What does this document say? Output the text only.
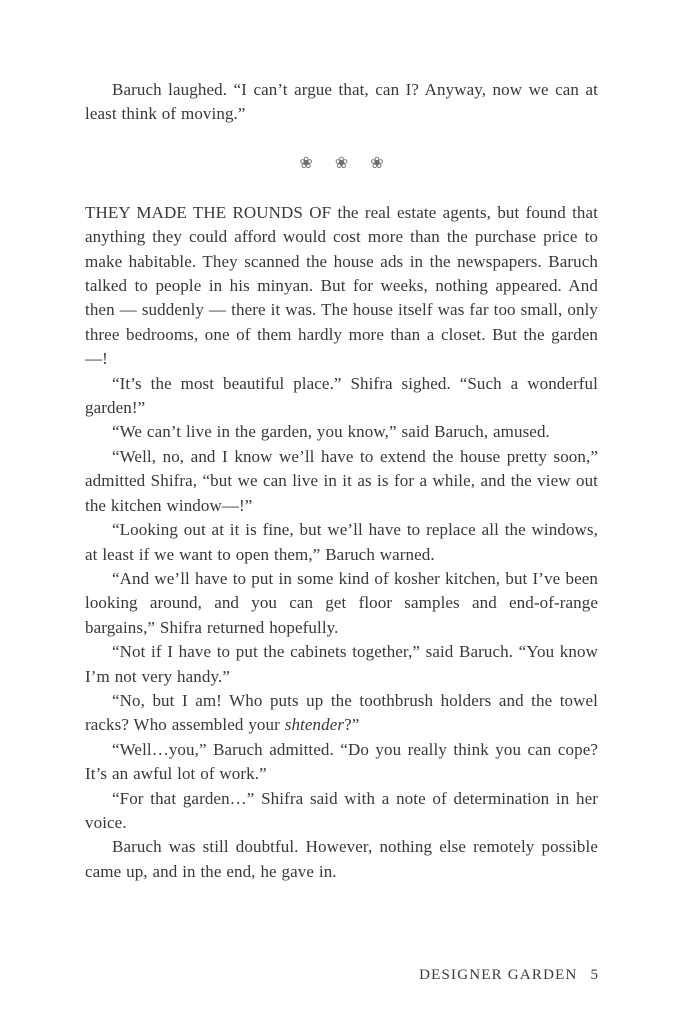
Baruch laughed. “I can’t argue that, can I? Anyway, now we can at least think of moving.”

❀ ❀ ❀

THEY MADE THE ROUNDS OF the real estate agents, but found that anything they could afford would cost more than the purchase price to make habitable. They scanned the house ads in the newspapers. Baruch talked to people in his minyan. But for weeks, nothing appeared. And then — suddenly — there it was. The house itself was far too small, only three bedrooms, one of them hardly more than a closet. But the garden—!

“It’s the most beautiful place.” Shifra sighed. “Such a wonderful garden!”

“We can’t live in the garden, you know,” said Baruch, amused.

“Well, no, and I know we’ll have to extend the house pretty soon,” admitted Shifra, “but we can live in it as is for a while, and the view out the kitchen window—!”

“Looking out at it is fine, but we’ll have to replace all the windows, at least if we want to open them,” Baruch warned.

“And we’ll have to put in some kind of kosher kitchen, but I’ve been looking around, and you can get floor samples and end-of-range bargains,” Shifra returned hopefully.

“Not if I have to put the cabinets together,” said Baruch. “You know I’m not very handy.”

“No, but I am! Who puts up the toothbrush holders and the towel racks? Who assembled your shtender?”

“Well…you,” Baruch admitted. “Do you really think you can cope? It’s an awful lot of work.”

“For that garden…” Shifra said with a note of determination in her voice.

Baruch was still doubtful. However, nothing else remotely possible came up, and in the end, he gave in.

DESIGNER GARDEN 5
